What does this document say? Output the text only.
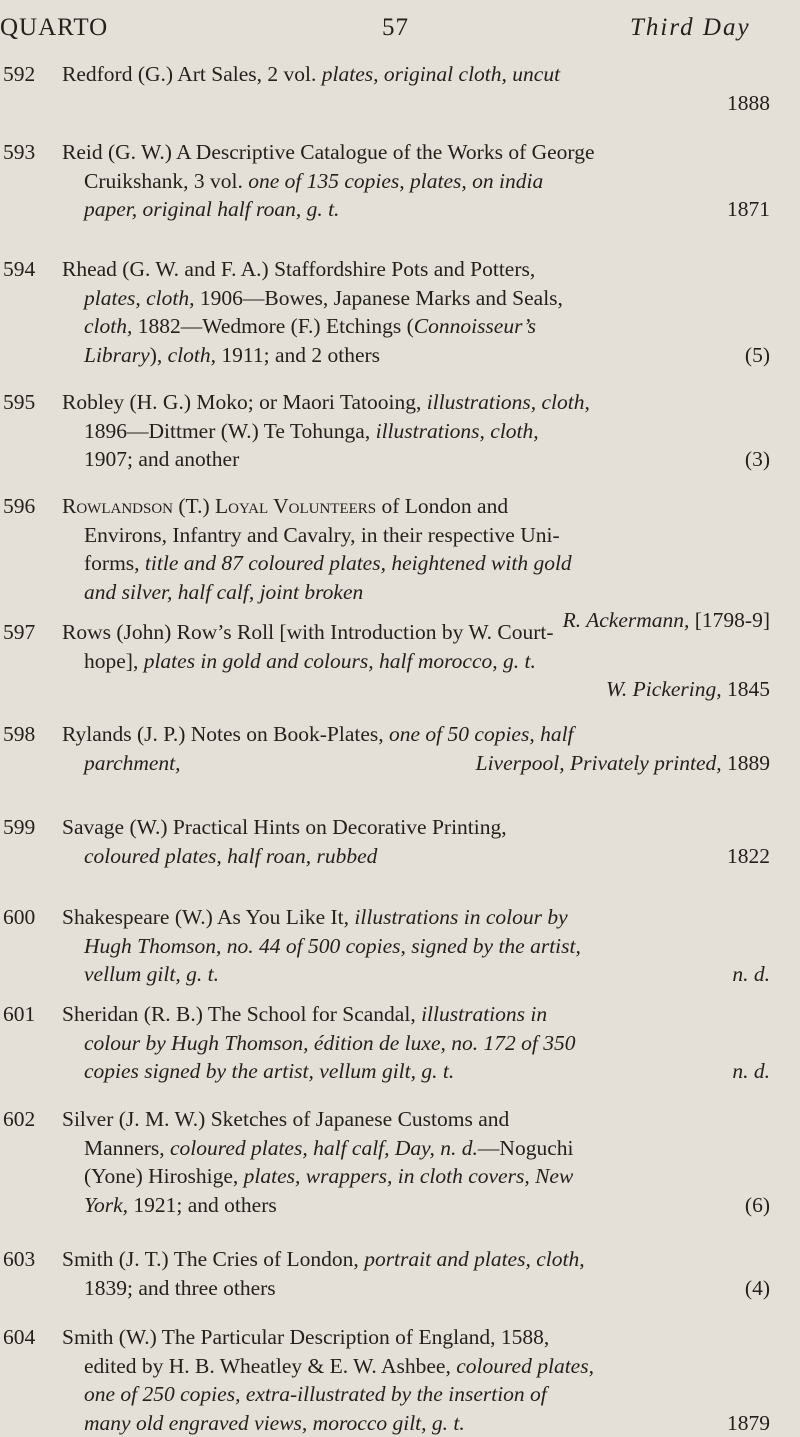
QUARTO	57	Third Day
592	Redford (G.) Art Sales, 2 vol. plates, original cloth, uncut
1888
593	Reid (G. W.) A Descriptive Catalogue of the Works of George
Cruikshank, 3 vol. one of 135 copies, plates, on india
paper, original half roan, g. t.	1871
594	Rhead (G. W. and F. A.) Staffordshire Pots and Potters,
plates, cloth, 1906—Bowes, Japanese Marks and Seals,
cloth, 1882—Wedmore (F.) Etchings (Connoisseur’s
Library), cloth, 1911; and 2 others	(5)
595	Robley (H. G.) Moko; or Maori Tatooing, illustrations, cloth,
1896—Dittmer (W.) Te Tohunga, illustrations, cloth,
1907; and another	(3)
596	Rowlandson (T.) Loyal Volunteers of London and
Environs, Infantry and Cavalry, in their respective Uni-
forms, title and 87 coloured plates, heightened with gold
and silver, half calf, joint broken
R. Ackermann, [1798-9]
597	Rows (John) Row’s Roll [with Introduction by W. Court-
hope], plates in gold and colours, half morocco, g. t.
W. Pickering, 1845
598	Rylands (J. P.) Notes on Book-Plates, one of 50 copies, half
parchment,	Liverpool, Privately printed, 1889
599	Savage (W.) Practical Hints on Decorative Printing,
coloured plates, half roan, rubbed	1822
600	Shakespeare (W.) As You Like It, illustrations in colour by
Hugh Thomson, no. 44 of 500 copies, signed by the artist,
vellum gilt, g. t.	n. d.
601	Sheridan (R. B.) The School for Scandal, illustrations in
colour by Hugh Thomson, édition de luxe, no. 172 of 350
copies signed by the artist, vellum gilt, g. t.	n. d.
602	Silver (J. M. W.) Sketches of Japanese Customs and
Manners, coloured plates, half calf, Day, n. d.—Noguchi
(Yone) Hiroshige, plates, wrappers, in cloth covers, New
York, 1921; and others	(6)
603	Smith (J. T.) The Cries of London, portrait and plates, cloth,
1839; and three others	(4)
604	Smith (W.) The Particular Description of England, 1588,
edited by H. B. Wheatley & E. W. Ashbee, coloured plates,
one of 250 copies, extra-illustrated by the insertion of
many old engraved views, morocco gilt, g. t.	1879
